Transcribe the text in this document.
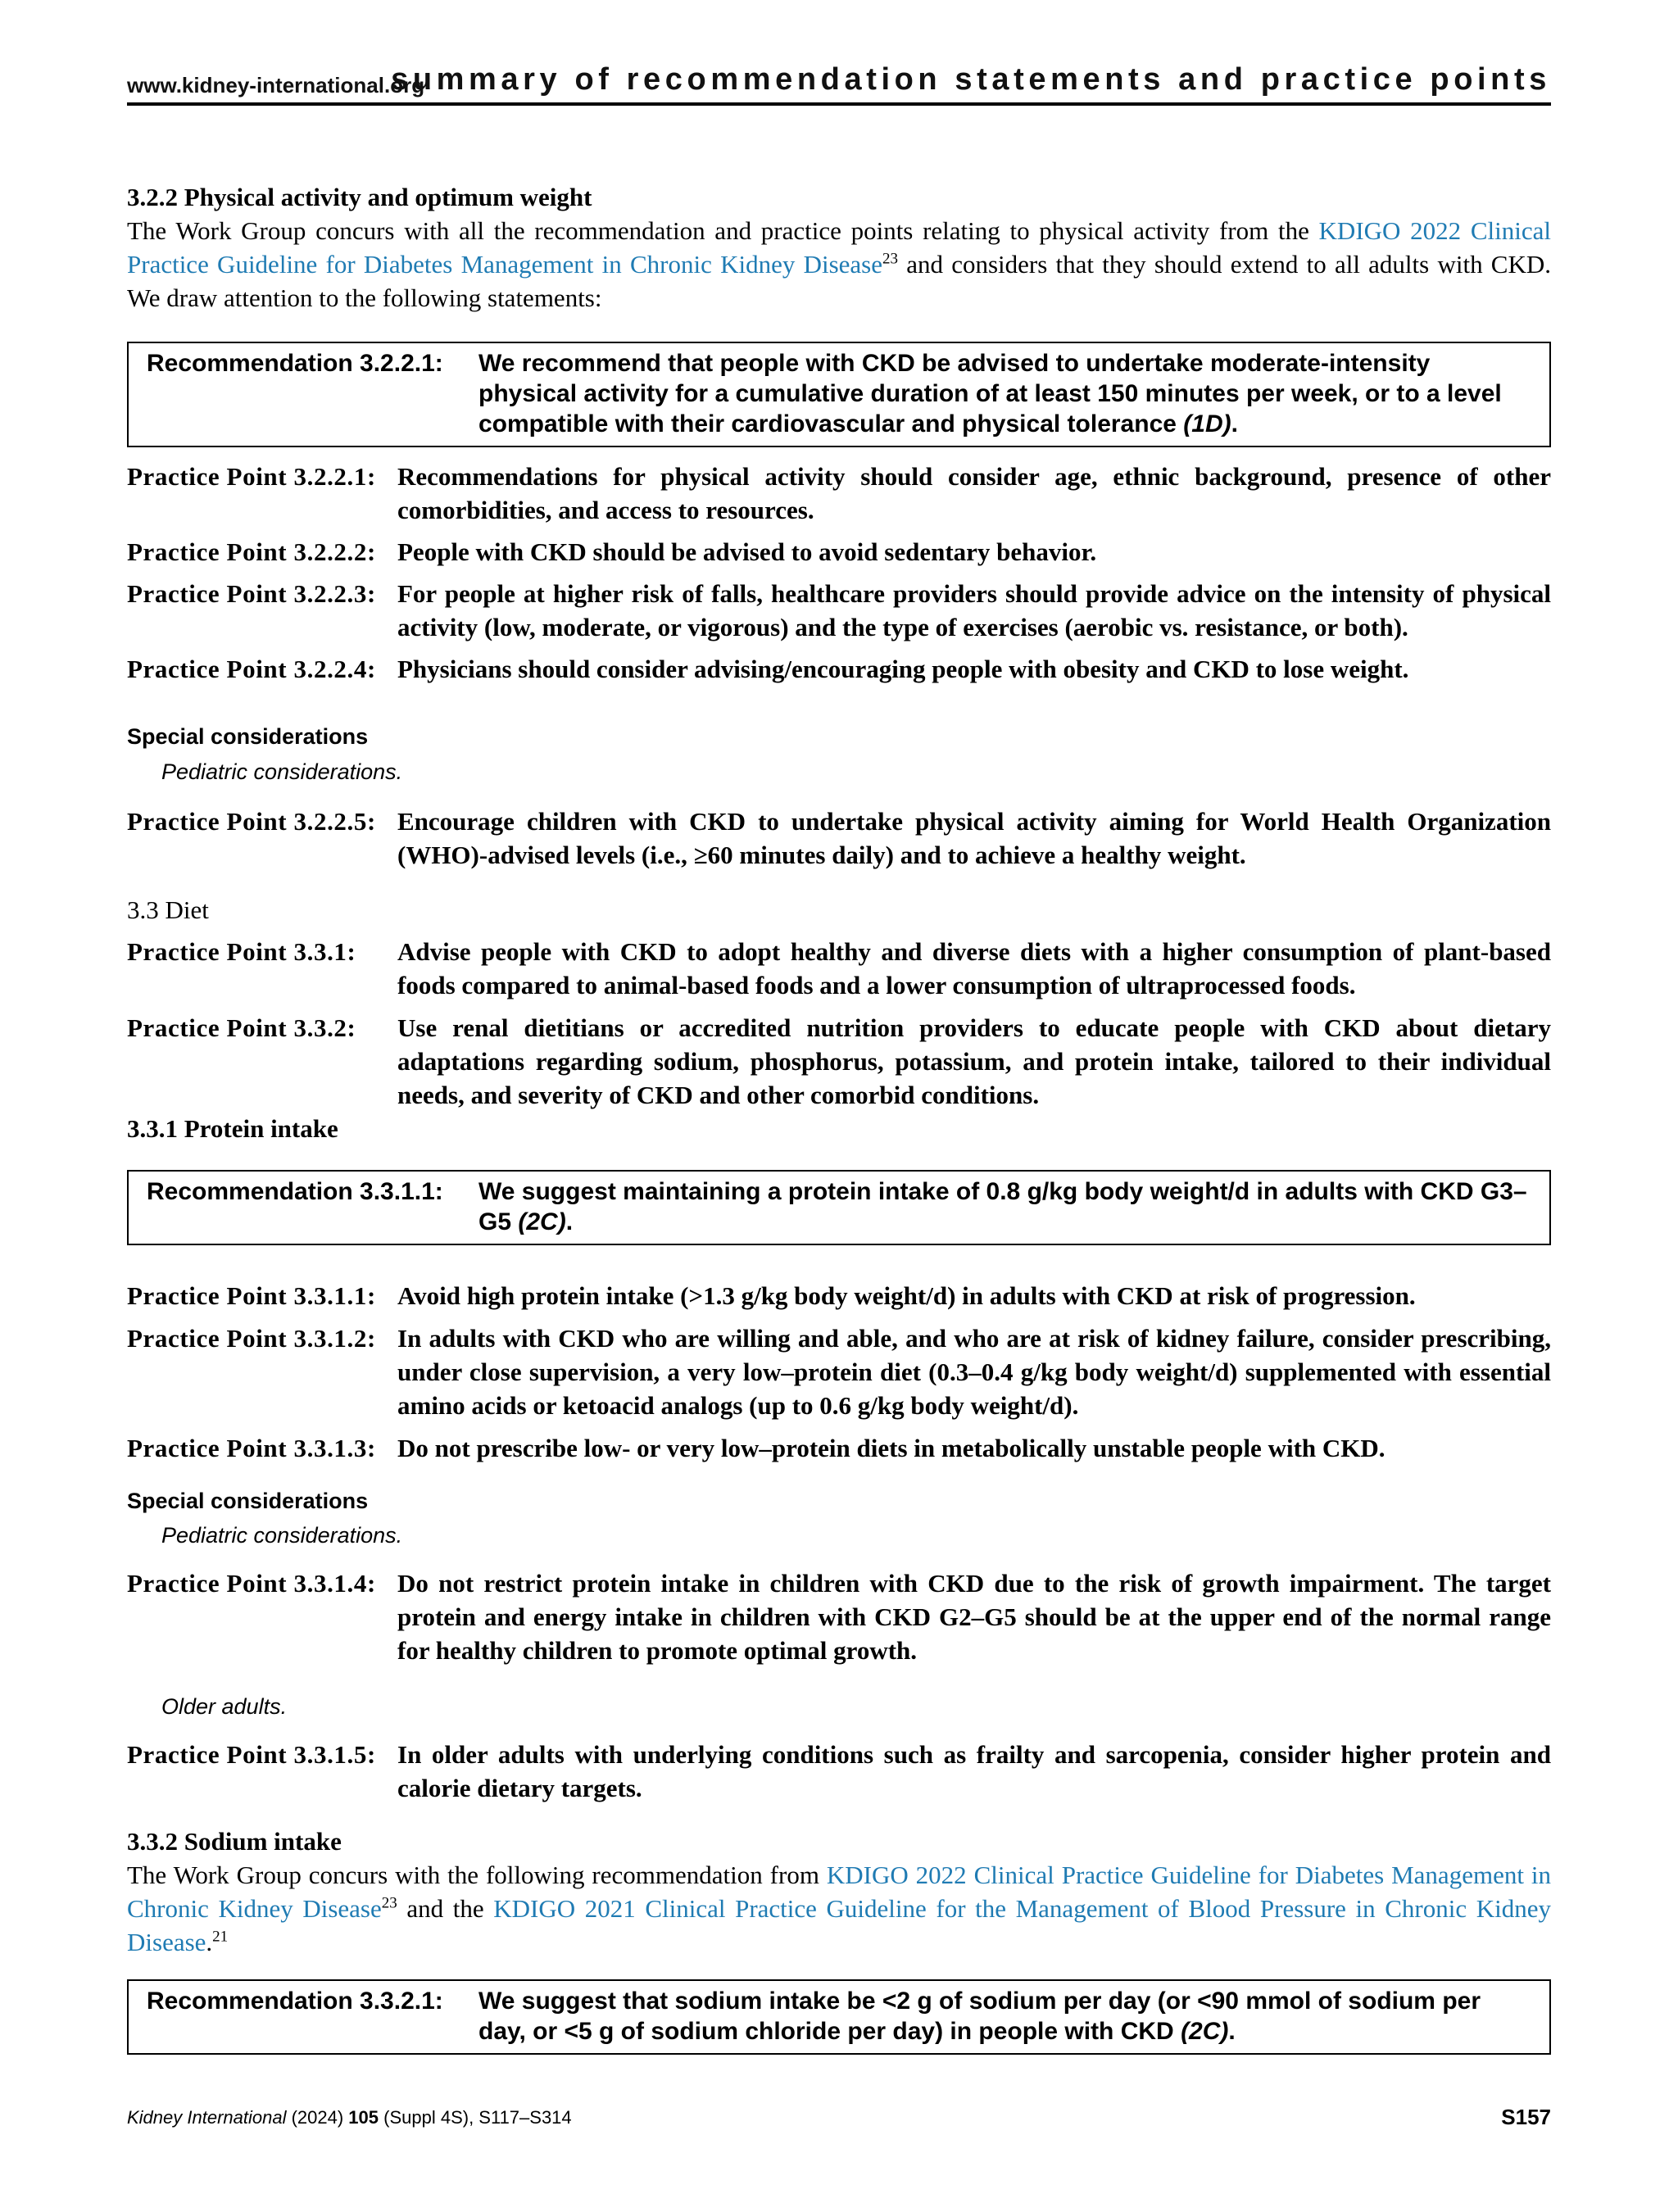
www.kidney-international.org
summary of recommendation statements and practice points
3.2.2 Physical activity and optimum weight

The Work Group concurs with all the recommendation and practice points relating to physical activity from the KDIGO 2022 Clinical Practice Guideline for Diabetes Management in Chronic Kidney Disease$^{23}$ and considers that they should extend to all adults with CKD. We draw attention to the following statements:

Recommendation 3.2.2.1:	We recommend that people with CKD be advised to undertake moderate-intensity physical activity for a cumulative duration of at least 150 minutes per week, or to a level compatible with their cardiovascular and physical tolerance (1D).
Practice Point 3.2.2.1: Recommendations for physical activity should consider age, ethnic background, presence of other comorbidities, and access to resources.
Practice Point 3.2.2.2: People with CKD should be advised to avoid sedentary behavior.
Practice Point 3.2.2.3: For people at higher risk of falls, healthcare providers should provide advice on the intensity of physical activity (low, moderate, or vigorous) and the type of exercises (aerobic vs. resistance, or both).
Practice Point 3.2.2.4: Physicians should consider advising/encouraging people with obesity and CKD to lose weight.
Special considerations
Pediatric considerations.
Practice Point 3.2.2.5: Encourage children with CKD to undertake physical activity aiming for World Health Organization (WHO)-advised levels (i.e., ≥60 minutes daily) and to achieve a healthy weight.
3.3 Diet
Practice Point 3.3.1:	Advise people with CKD to adopt healthy and diverse diets with a higher consumption of plant-based foods compared to animal-based foods and a lower consumption of ultraprocessed foods.
Practice Point 3.3.2:	Use renal dietitians or accredited nutrition providers to educate people with CKD about dietary adaptations regarding sodium, phosphorus, potassium, and protein intake, tailored to their individual needs, and severity of CKD and other comorbid conditions.
3.3.1 Protein intake
Recommendation 3.3.1.1:	We suggest maintaining a protein intake of 0.8 g/kg body weight/d in adults with CKD G3–G5 (2C).
Practice Point 3.3.1.1: Avoid high protein intake (>1.3 g/kg body weight/d) in adults with CKD at risk of progression.
Practice Point 3.3.1.2: In adults with CKD who are willing and able, and who are at risk of kidney failure, consider prescribing, under close supervision, a very low–protein diet (0.3–0.4 g/kg body weight/d) supplemented with essential amino acids or ketoacid analogs (up to 0.6 g/kg body weight/d).
Practice Point 3.3.1.3: Do not prescribe low- or very low–protein diets in metabolically unstable people with CKD.
Special considerations
Pediatric considerations.
Practice Point 3.3.1.4: Do not restrict protein intake in children with CKD due to the risk of growth impairment. The target protein and energy intake in children with CKD G2–G5 should be at the upper end of the normal range for healthy children to promote optimal growth.
Older adults.
Practice Point 3.3.1.5: In older adults with underlying conditions such as frailty and sarcopenia, consider higher protein and calorie dietary targets.
3.3.2 Sodium intake

The Work Group concurs with the following recommendation from KDIGO 2022 Clinical Practice Guideline for Diabetes Management in Chronic Kidney Disease$^{23}$ and the KDIGO 2021 Clinical Practice Guideline for the Management of Blood Pressure in Chronic Kidney Disease.$^{21}$

Recommendation 3.3.2.1:	We suggest that sodium intake be <2 g of sodium per day (or <90 mmol of sodium per day, or <5 g of sodium chloride per day) in people with CKD (2C).
Kidney International (2024) 105 (Suppl 4S), S117–S314	S157
